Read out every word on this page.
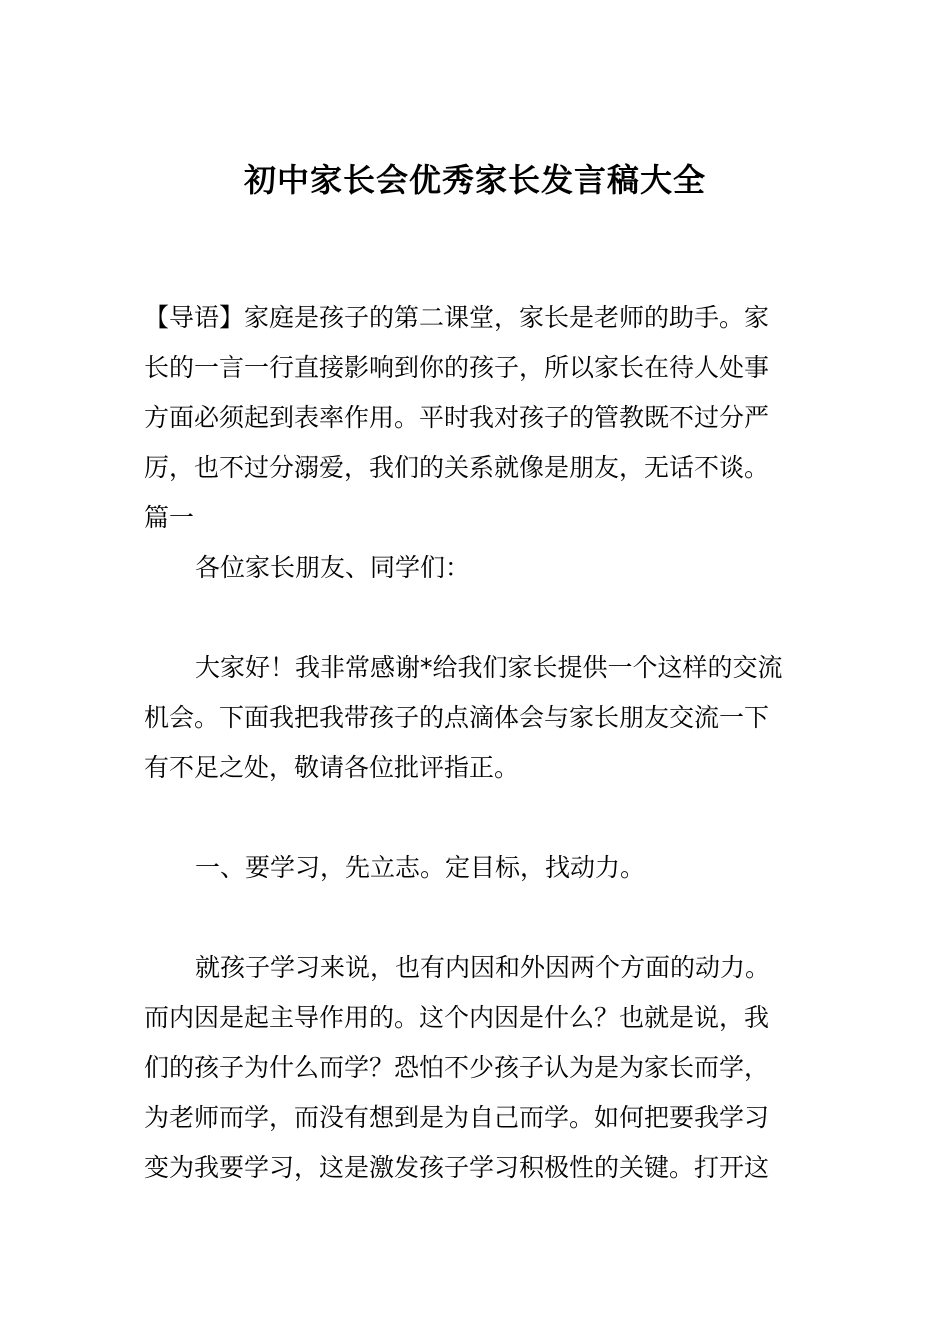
初中家长会优秀家长发言稿大全
【导语】家庭是孩子的第二课堂，家长是老师的助手。家
长的一言一行直接影响到你的孩子，所以家长在待人处事
方面必须起到表率作用。平时我对孩子的管教既不过分严
厉，也不过分溺爱，我们的关系就像是朋友，无话不谈。
篇一
各位家长朋友、同学们：
大家好！我非常感谢*给我们家长提供一个这样的交流
机会。下面我把我带孩子的点滴体会与家长朋友交流一下
有不足之处，敬请各位批评指正。
一、要学习，先立志。定目标，找动力。
就孩子学习来说，也有内因和外因两个方面的动力。
而内因是起主导作用的。这个内因是什么？也就是说，我
们的孩子为什么而学？恐怕不少孩子认为是为家长而学，
为老师而学，而没有想到是为自己而学。如何把要我学习
变为我要学习，这是激发孩子学习积极性的关键。打开这
